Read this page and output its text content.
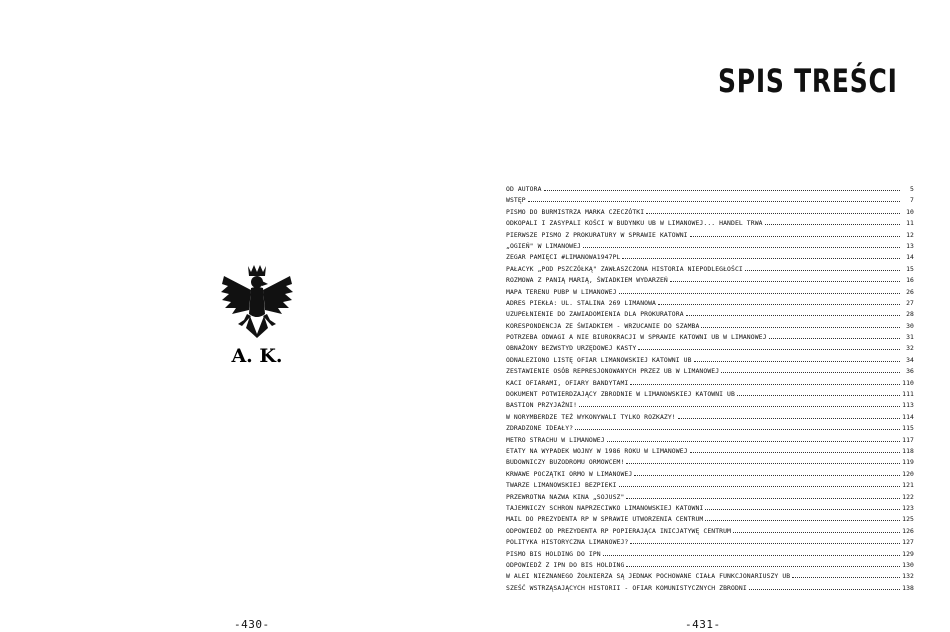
A. K.
-430-
SPIS TREŚCI
OD AUTORA	5
WSTĘP	7
PISMO DO BURMISTRZA MARKA CZECZÓTKI	10
ODKOPALI I ZASYPALI KOŚCI W BUDYNKU UB W LIMANOWEJ... HANDEL TRWA	11
PIERWSZE PISMO Z PROKURATURY W SPRAWIE KATOWNI	12
„OGIEŃ" W LIMANOWEJ	13
ZEGAR PAMIĘCI #LIMANOWA1947PL	14
PAŁACYK „POD PSZCZÓŁKĄ" ZAWŁASZCZONA HISTORIA NIEPODLEGŁOŚCI	15
ROZMOWA Z PANIĄ MARIĄ, ŚWIADKIEM WYDARZEŃ	16
MAPA TERENU PUBP W LIMANOWEJ	26
ADRES PIEKŁA: UL. STALINA 269 LIMANOWA	27
UZUPEŁNIENIE DO ZAWIADOMIENIA DLA PROKURATORA	28
KORESPONDENCJA ZE ŚWIADKIEM - WRZUCANIE DO SZAMBA	30
POTRZEBA ODWAGI A NIE BIUROKRACJI W SPRAWIE KATOWNI UB W LIMANOWEJ	31
OBNAŻONY BEZWSTYD URZĘDOWEJ KASTY	32
ODNALEZIONO LISTĘ OFIAR LIMANOWSKIEJ KATOWNI UB	34
ZESTAWIENIE OSÓB REPRESJONOWANYCH PRZEZ UB W LIMANOWEJ	36
KACI OFIARAMI, OFIARY BANDYTAMI	110
DOKUMENT POTWIERDZAJĄCY ZBRODNIE W LIMANOWSKIEJ KATOWNI UB	111
BASTION PRZYJAŹNI!	113
W NORYMBERDZE TEŻ WYKONYWALI TYLKO ROZKAZY!	114
ZDRADZONE IDEAŁY?	115
METRO STRACHU W LIMANOWEJ	117
ETATY NA WYPADEK WOJNY W 1986 ROKU W LIMANOWEJ	118
BUDOWNICZY BUZODROMU ORMOWCEM!	119
KRWAWE POCZĄTKI ORMO W LIMANOWEJ	120
TWARZE LIMANOWSKIEJ BEZPIEKI	121
PRZEWROTNA NAZWA KINA „SOJUSZ"	122
TAJEMNICZY SCHRON NAPRZECIWKO LIMANOWSKIEJ KATOWNI	123
MAIL DO PREZYDENTA RP W SPRAWIE UTWORZENIA CENTRUM	125
ODPOWIEDŹ OD PREZYDENTA RP POPIERAJĄCA INICJATYWĘ CENTRUM	126
POLITYKA HISTORYCZNA LIMANOWEJ?	127
PISMO BIS HOLDING DO IPN	129
ODPOWIEDŹ Z IPN DO BIS HOLDING	130
W ALEI NIEZNANEGO ŻOŁNIERZA SĄ JEDNAK POCHOWANE CIAŁA FUNKCJONARIUSZY UB	132
SZEŚĆ WSTRZĄSAJĄCYCH HISTORII - OFIAR KOMUNISTYCZNYCH ZBRODNI	138
-431-
